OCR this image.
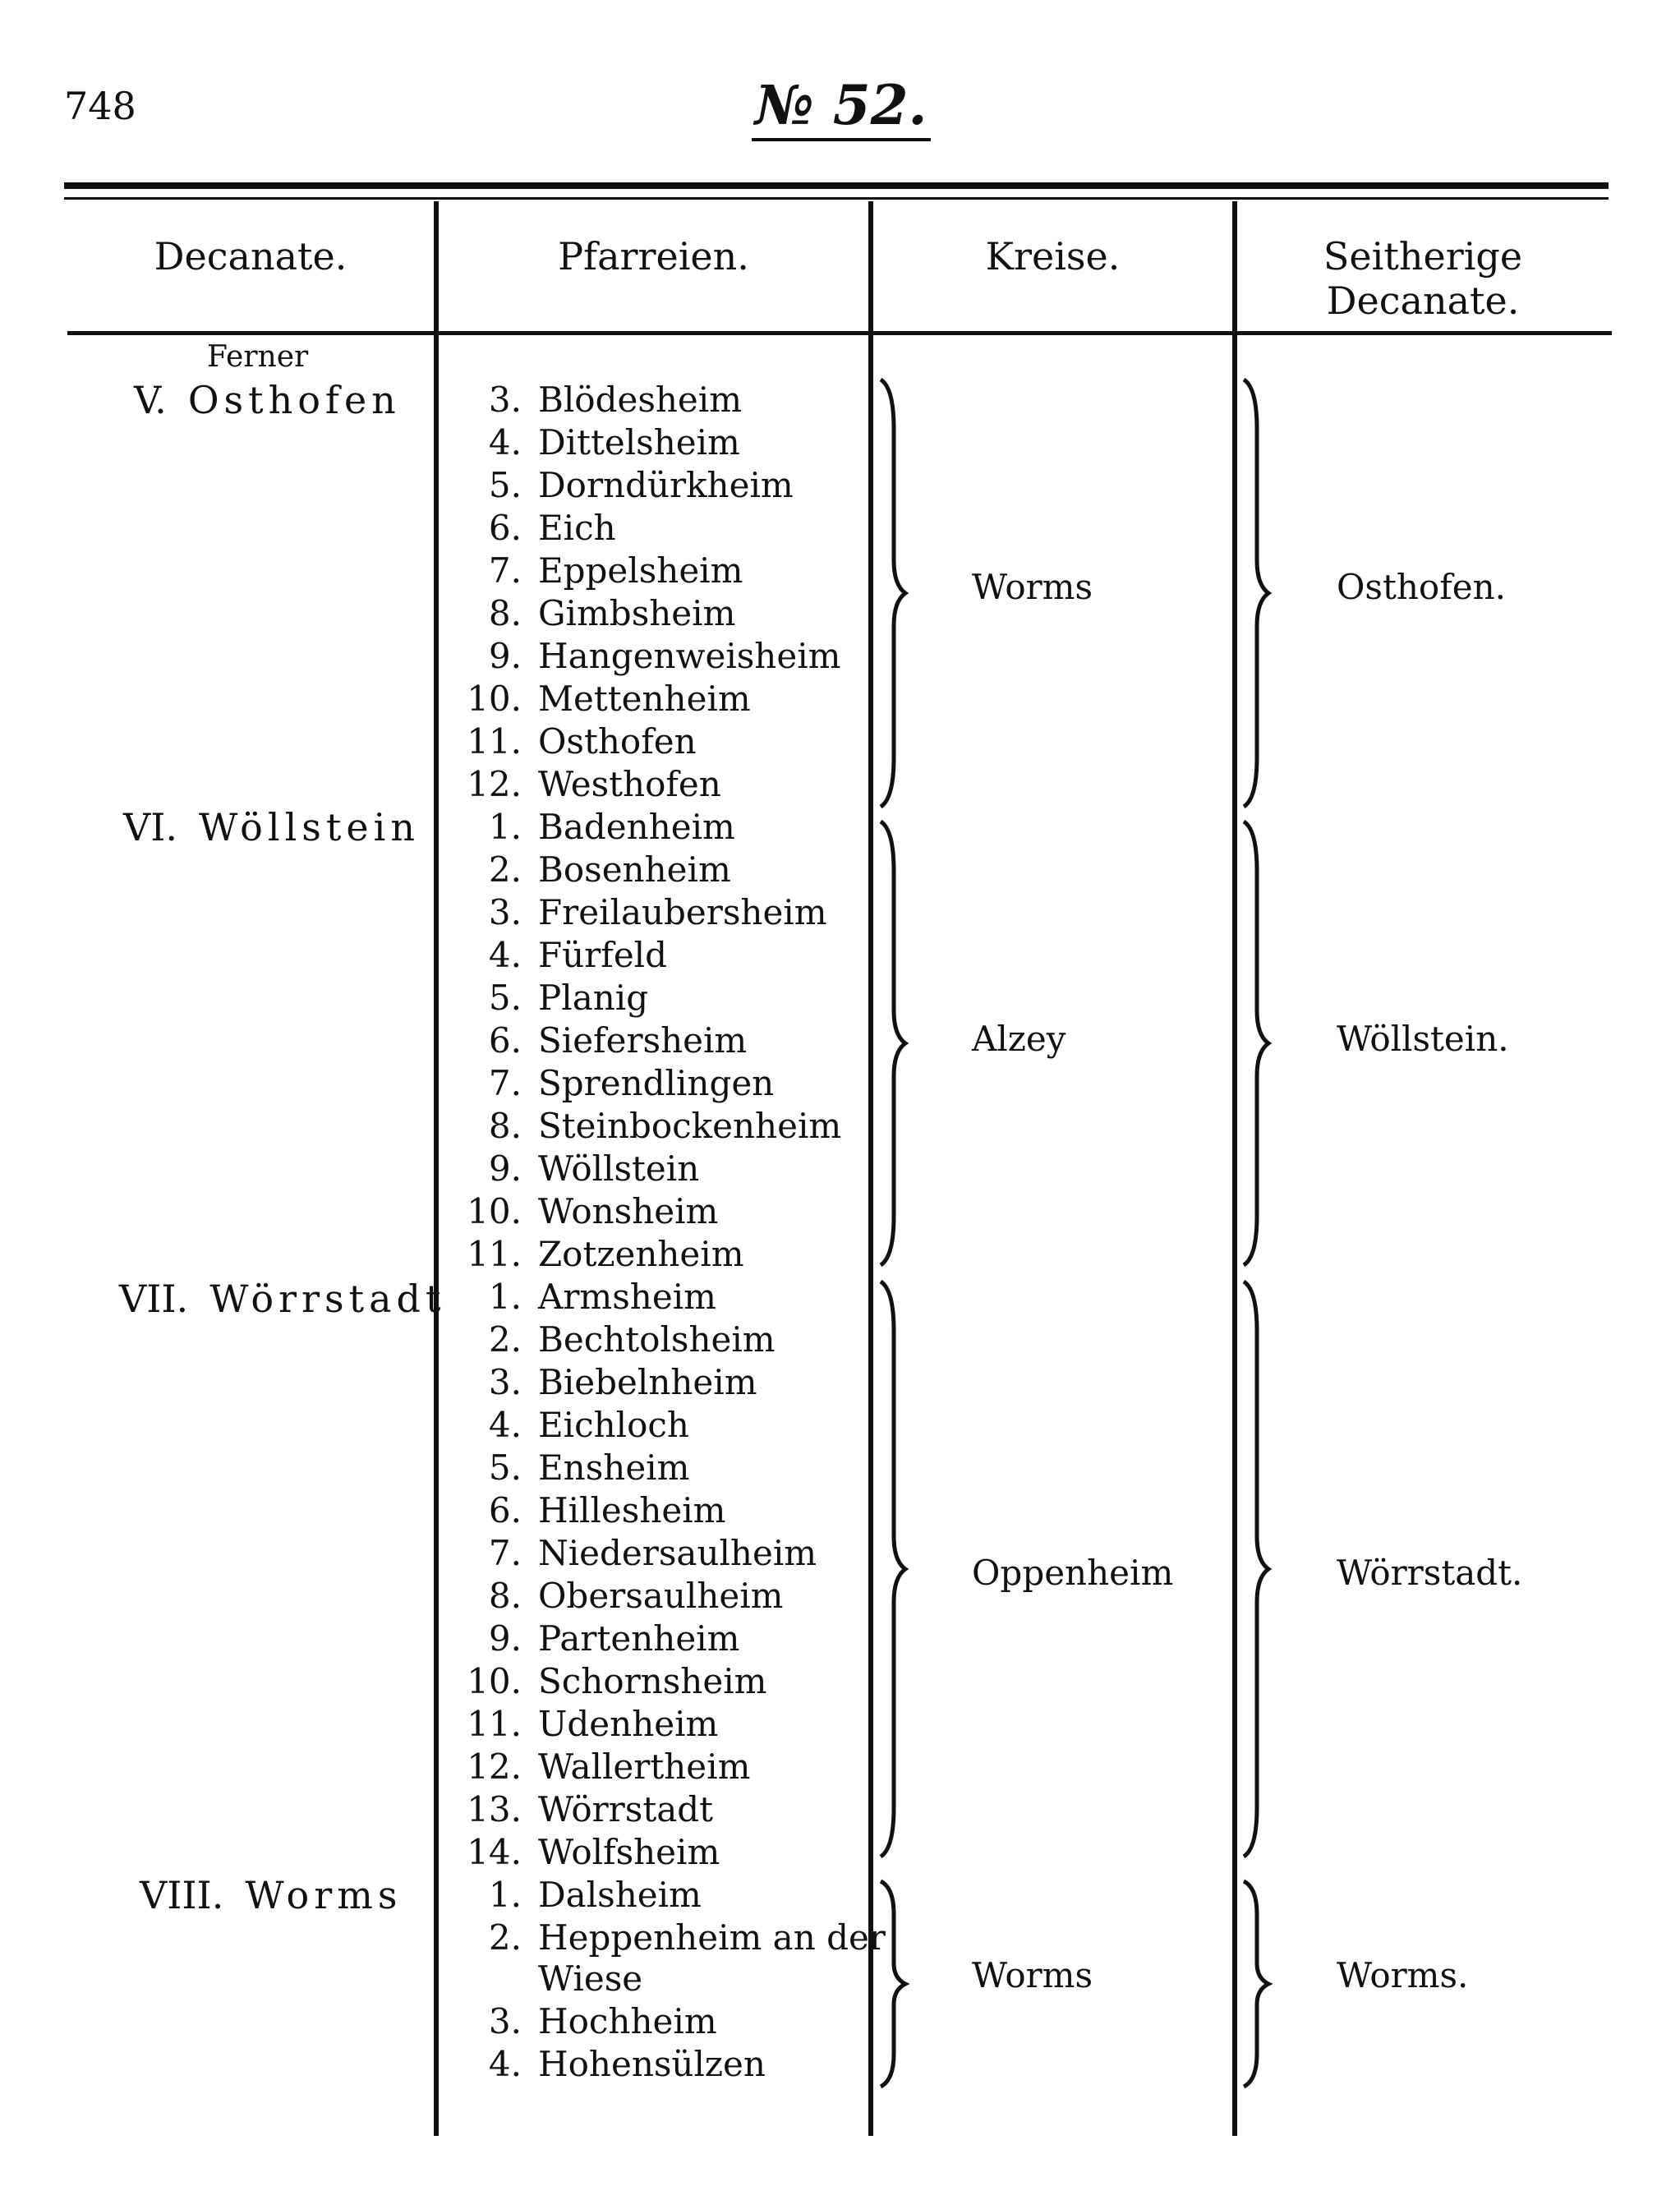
748	№ 52.
Decanate.	Pfarreien.	Kreise.	Seitherige Decanate.
Ferner
V. Osthofen	3. Blödesheim
4. Dittelsheim
5. Dorndürkheim
6. Eich
7. Eppelsheim
8. Gimbsheim
9. Hangenweisheim
10. Mettenheim
11. Osthofen
12. Westhofen
Worms	Osthofen.
VI. Wöllstein	1. Badenheim
2. Bosenheim
3. Freilaubersheim
4. Fürfeld
5. Planig
6. Siefersheim
7. Sprendlingen
8. Steinbockenheim
9. Wöllstein
10. Wonsheim
11. Zotzenheim
Alzey	Wöllstein.
VII. Wörrstadt	1. Armsheim
2. Bechtolsheim
3. Biebelnheim
4. Eichloch
5. Ensheim
6. Hillesheim
7. Niedersaulheim
8. Obersaulheim
9. Partenheim
10. Schornsheim
11. Udenheim
12. Wallertheim
13. Wörrstadt
14. Wolfsheim
Oppenheim	Wörrstadt.
VIII. Worms	1. Dalsheim
2. Heppenheim an der
Wiese
3. Hochheim
4. Hohensülzen
Worms	Worms.
